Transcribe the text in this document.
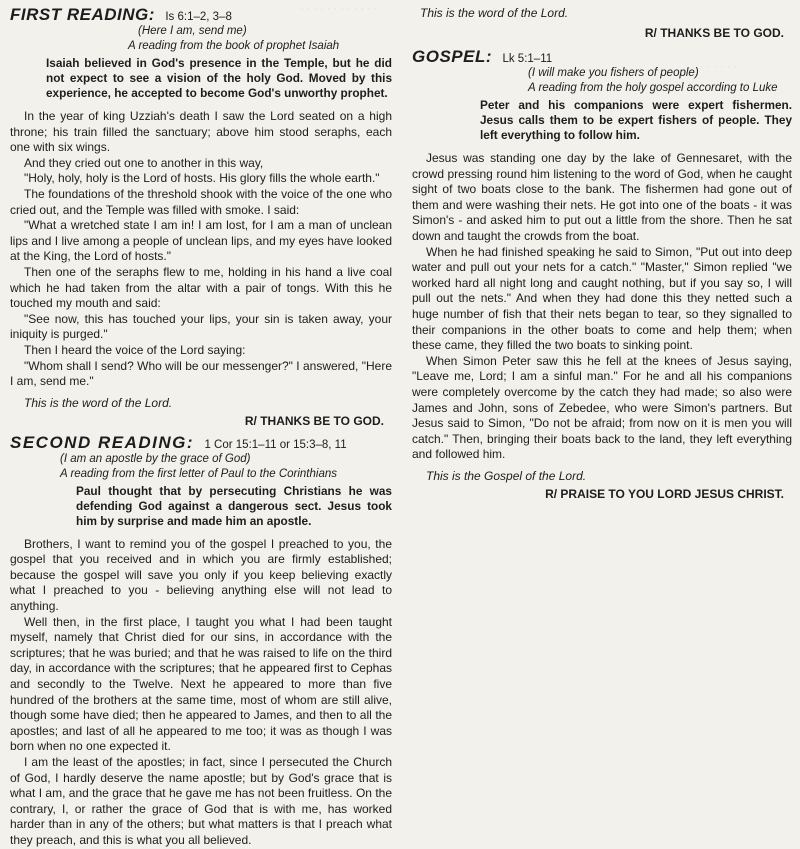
· · · · · · · · · · · ·
· · · · · ·
FIRST READING: Is 6:1–2, 3–8
(Here I am, send me)
A reading from the book of prophet Isaiah
Isaiah believed in God's presence in the Temple, but he did not expect to see a vision of the holy God. Moved by this experience, he accepted to become God's unworthy prophet.

In the year of king Uzziah's death I saw the Lord seated on a high throne; his train filled the sanctuary; above him stood seraphs, each one with six wings.

And they cried out one to another in this way,

"Holy, holy, holy is the Lord of hosts. His glory fills the whole earth."

The foundations of the threshold shook with the voice of the one who cried out, and the Temple was filled with smoke. I said:

"What a wretched state I am in! I am lost, for I am a man of unclean lips and I live among a people of unclean lips, and my eyes have looked at the King, the Lord of hosts."

Then one of the seraphs flew to me, holding in his hand a live coal which he had taken from the altar with a pair of tongs. With this he touched my mouth and said:

"See now, this has touched your lips, your sin is taken away, your iniquity is purged."

Then I heard the voice of the Lord saying:

"Whom shall I send? Who will be our messenger?" I answered, "Here I am, send me."

This is the word of the Lord.
R/ THANKS BE TO GOD.
SECOND READING: 1 Cor 15:1–11 or 15:3–8, 11
(I am an apostle by the grace of God)
A reading from the first letter of Paul to the Corinthians
Paul thought that by persecuting Christians he was defending God against a dangerous sect. Jesus took him by surprise and made him an apostle.

Brothers, I want to remind you of the gospel I preached to you, the gospel that you received and in which you are firmly established; because the gospel will save you only if you keep believing exactly what I preached to you - believing anything else will not lead to anything.

Well then, in the first place, I taught you what I had been taught myself, namely that Christ died for our sins, in accordance with the scriptures; that he was buried; and that he was raised to life on the third day, in accordance with the scriptures; that he appeared first to Cephas and secondly to the Twelve. Next he appeared to more than five hundred of the brothers at the same time, most of whom are still alive, though some have died; then he appeared to James, and then to all the apostles; and last of all he appeared to me too; it was as though I was born when no one expected it.

I am the least of the apostles; in fact, since I persecuted the Church of God, I hardly deserve the name apostle; but by God's grace that is what I am, and the grace that he gave me has not been fruitless. On the contrary, I, or rather the grace of God that is with me, has worked harder than in any of the others; but what matters is that I preach what they preach, and this is what you all believed.

This is the word of the Lord.
R/ THANKS BE TO GOD.
GOSPEL: Lk 5:1–11
(I will make you fishers of people)
A reading from the holy gospel according to Luke
Peter and his companions were expert fishermen. Jesus calls them to be expert fishers of people. They left everything to follow him.

Jesus was standing one day by the lake of Gennesaret, with the crowd pressing round him listening to the word of God, when he caught sight of two boats close to the bank. The fishermen had gone out of them and were washing their nets. He got into one of the boats - it was Simon's - and asked him to put out a little from the shore. Then he sat down and taught the crowds from the boat.

When he had finished speaking he said to Simon, "Put out into deep water and pull out your nets for a catch." "Master," Simon replied "we worked hard all night long and caught nothing, but if you say so, I will pull out the nets." And when they had done this they netted such a huge number of fish that their nets began to tear, so they signalled to their companions in the other boats to come and help them; when these came, they filled the two boats to sinking point.

When Simon Peter saw this he fell at the knees of Jesus saying, "Leave me, Lord; I am a sinful man." For he and all his companions were completely overcome by the catch they had made; so also were James and John, sons of Zebedee, who were Simon's partners. But Jesus said to Simon, "Do not be afraid; from now on it is men you will catch." Then, bringing their boats back to the land, they left everything and followed him.

This is the Gospel of the Lord.
R/ PRAISE TO YOU LORD JESUS CHRIST.
